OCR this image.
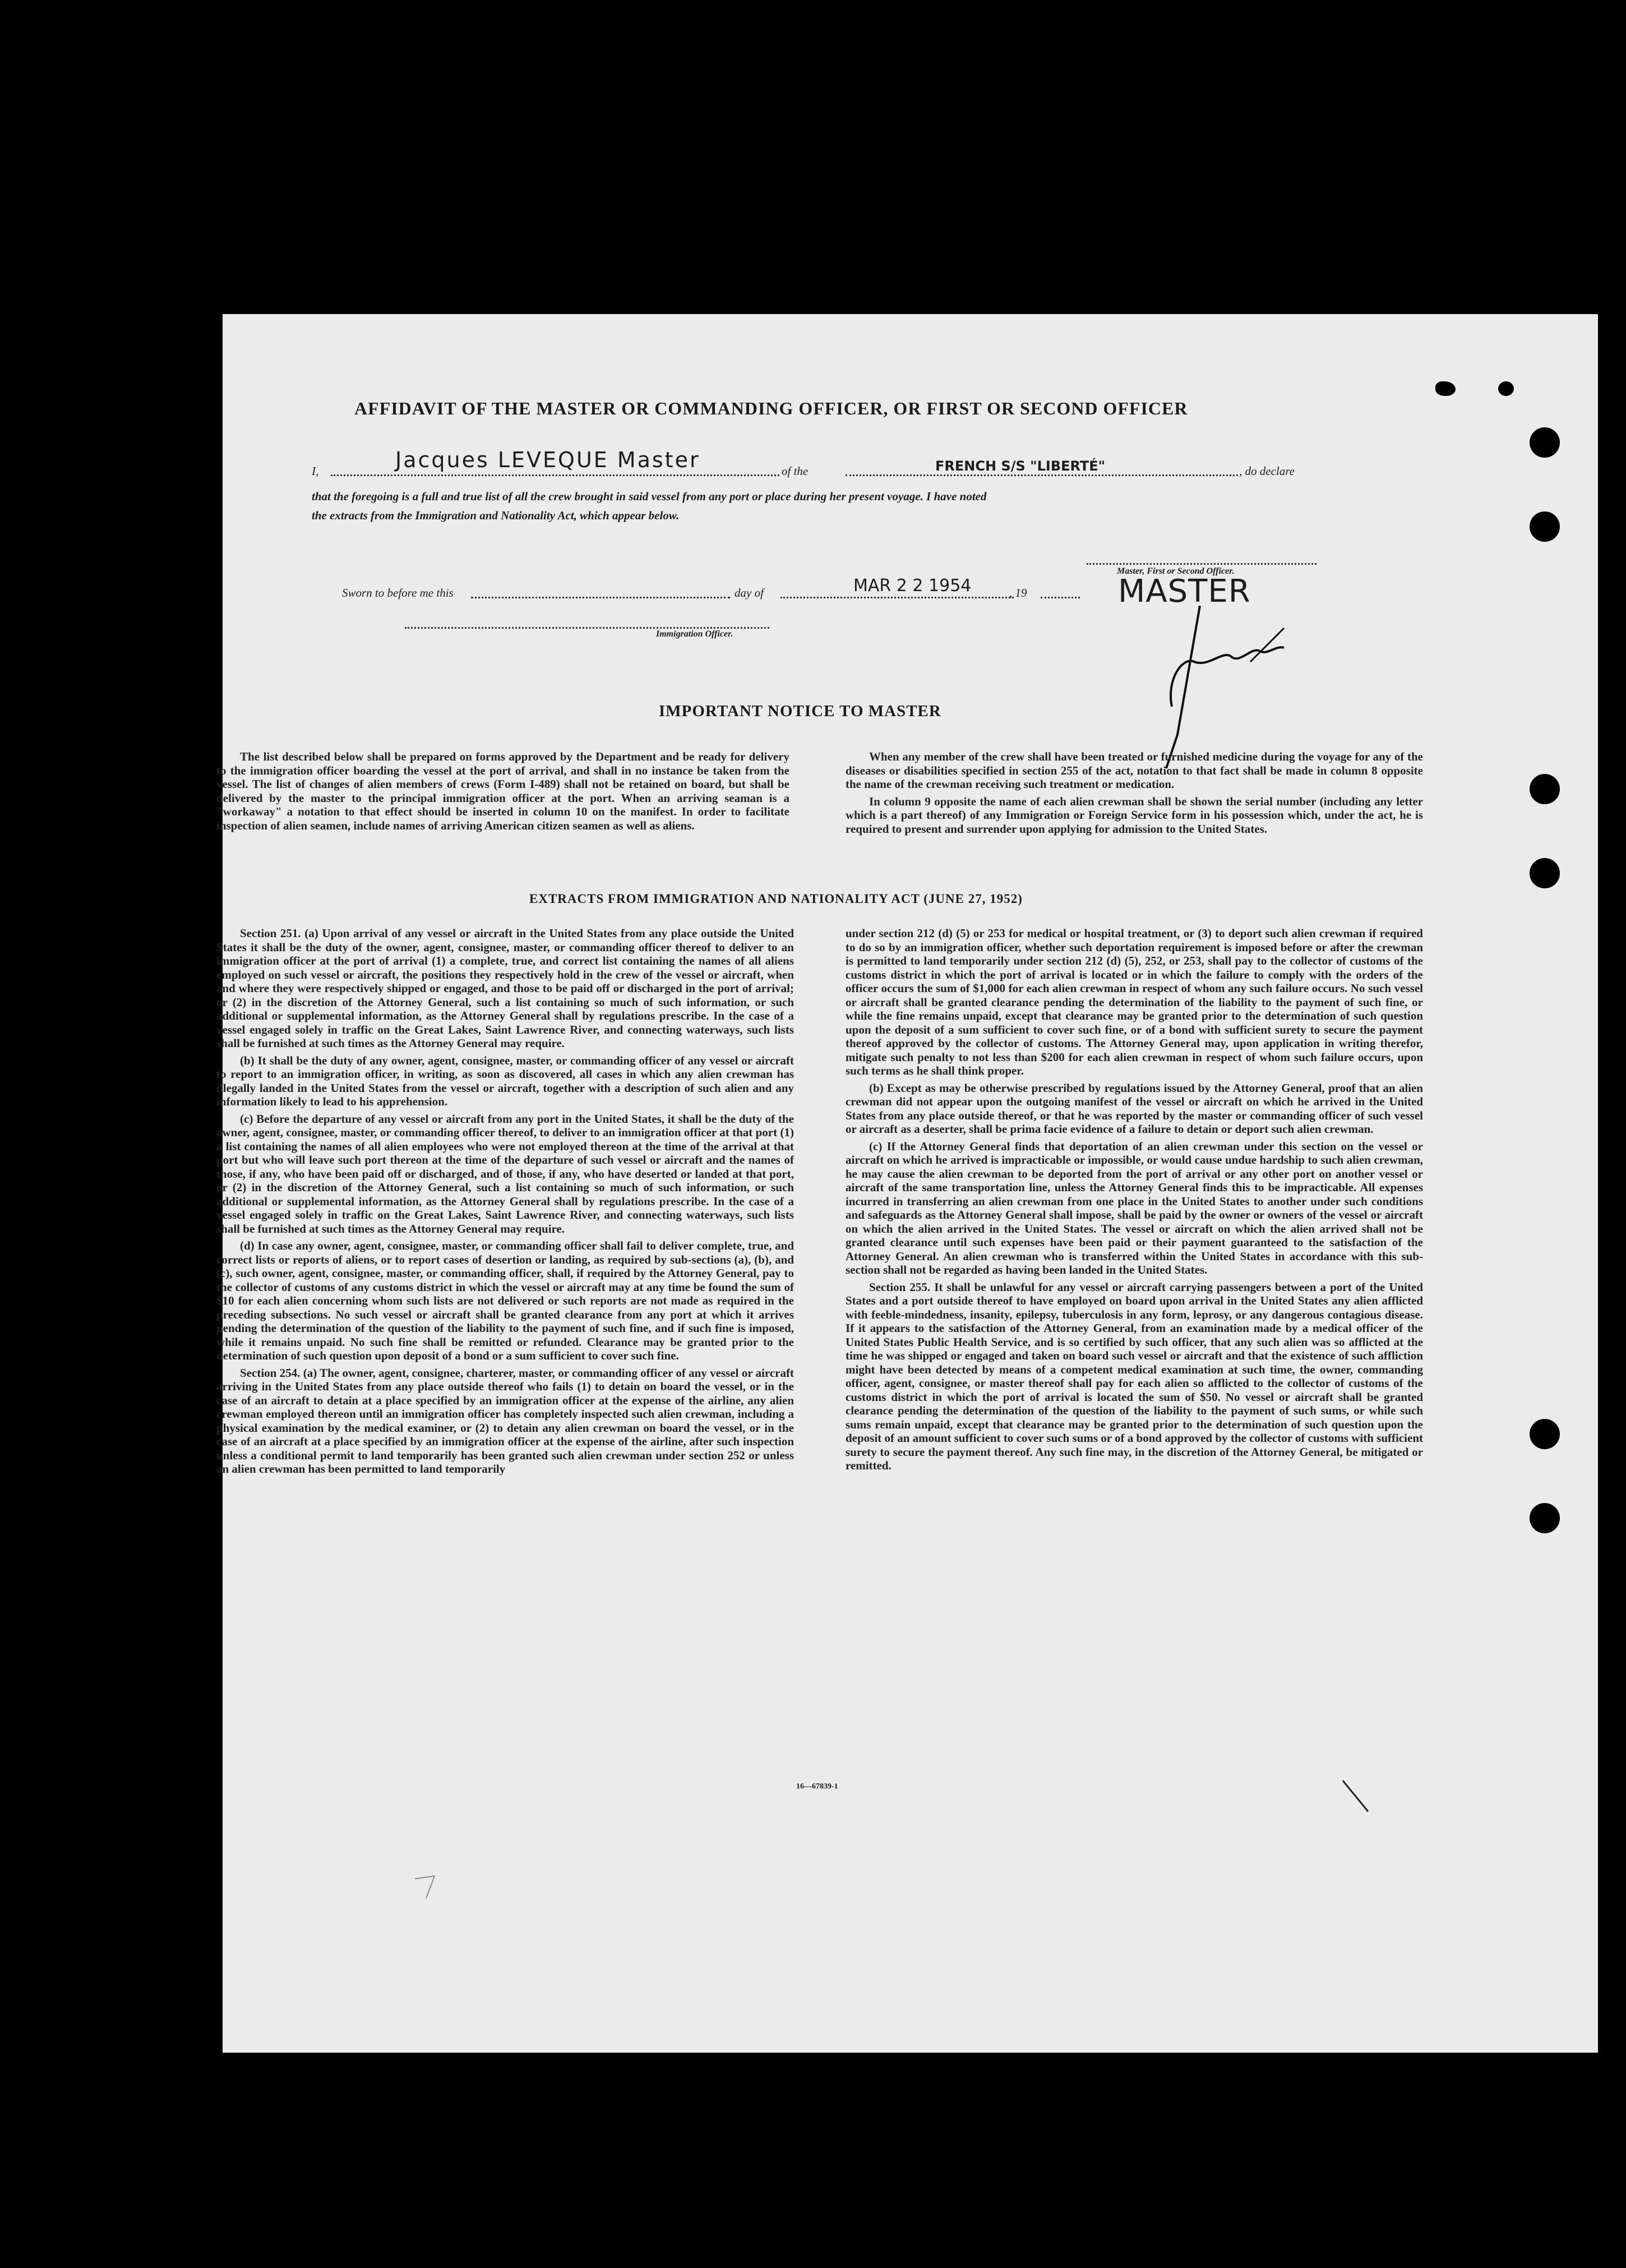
AFFIDAVIT OF THE MASTER OR COMMANDING OFFICER, OR FIRST OR SECOND OFFICER
I,	Jacques LEVEQUE Master	of the	FRENCH S/S "LIBERTÉ"	, do declare
that the foregoing is a full and true list of all the crew brought in said vessel from any port or place during her present voyage. I have noted
the extracts from the Immigration and Nationality Act, which appear below.
Master, First or Second Officer.
Sworn to before me this	day of	MAR 2 2 1954	, 19	MASTER
Immigration Officer.
IMPORTANT NOTICE TO MASTER

The list described below shall be prepared on forms approved by the Department and be ready for delivery to the immigration officer boarding the vessel at the port of arrival, and shall in no instance be taken from the vessel. The list of changes of alien members of crews (Form I-489) shall not be retained on board, but shall be delivered by the master to the principal immigration officer at the port. When an arriving seaman is a "workaway" a notation to that effect should be inserted in column 10 on the manifest. In order to facilitate inspection of alien seamen, include names of arriving American citizen seamen as well as aliens.

When any member of the crew shall have been treated or furnished medicine during the voyage for any of the diseases or disabilities specified in section 255 of the act, notation to that fact shall be made in column 8 opposite the name of the crewman receiving such treatment or medication.

In column 9 opposite the name of each alien crewman shall be shown the serial number (including any letter which is a part thereof) of any Immigration or Foreign Service form in his possession which, under the act, he is required to present and surrender upon applying for admission to the United States.

EXTRACTS FROM IMMIGRATION AND NATIONALITY ACT (JUNE 27, 1952)

Section 251. (a) Upon arrival of any vessel or aircraft in the United States from any place outside the United States it shall be the duty of the owner, agent, consignee, master, or commanding officer thereof to deliver to an immigration officer at the port of arrival (1) a complete, true, and correct list containing the names of all aliens employed on such vessel or aircraft, the positions they respectively hold in the crew of the vessel or aircraft, when and where they were respectively shipped or engaged, and those to be paid off or discharged in the port of arrival; or (2) in the discretion of the Attorney General, such a list containing so much of such information, or such additional or supplemental information, as the Attorney General shall by regulations prescribe. In the case of a vessel engaged solely in traffic on the Great Lakes, Saint Lawrence River, and connecting waterways, such lists shall be furnished at such times as the Attorney General may require.

(b) It shall be the duty of any owner, agent, consignee, master, or commanding officer of any vessel or aircraft to report to an immigration officer, in writing, as soon as discovered, all cases in which any alien crewman has illegally landed in the United States from the vessel or aircraft, together with a description of such alien and any information likely to lead to his apprehension.

(c) Before the departure of any vessel or aircraft from any port in the United States, it shall be the duty of the owner, agent, consignee, master, or commanding officer thereof, to deliver to an immigration officer at that port (1) a list containing the names of all alien employees who were not employed thereon at the time of the arrival at that port but who will leave such port thereon at the time of the departure of such vessel or aircraft and the names of those, if any, who have been paid off or discharged, and of those, if any, who have deserted or landed at that port, or (2) in the discretion of the Attorney General, such a list containing so much of such information, or such additional or supplemental information, as the Attorney General shall by regulations prescribe. In the case of a vessel engaged solely in traffic on the Great Lakes, Saint Lawrence River, and connecting waterways, such lists shall be furnished at such times as the Attorney General may require.

(d) In case any owner, agent, consignee, master, or commanding officer shall fail to deliver complete, true, and correct lists or reports of aliens, or to report cases of desertion or landing, as required by sub-sections (a), (b), and (c), such owner, agent, consignee, master, or commanding officer, shall, if required by the Attorney General, pay to the collector of customs of any customs district in which the vessel or aircraft may at any time be found the sum of $10 for each alien concerning whom such lists are not delivered or such reports are not made as required in the preceding subsections. No such vessel or aircraft shall be granted clearance from any port at which it arrives pending the determination of the question of the liability to the payment of such fine, and if such fine is imposed, while it remains unpaid. No such fine shall be remitted or refunded. Clearance may be granted prior to the determination of such question upon deposit of a bond or a sum sufficient to cover such fine.

Section 254. (a) The owner, agent, consignee, charterer, master, or commanding officer of any vessel or aircraft arriving in the United States from any place outside thereof who fails (1) to detain on board the vessel, or in the case of an aircraft to detain at a place specified by an immigration officer at the expense of the airline, any alien crewman employed thereon until an immigration officer has completely inspected such alien crewman, including a physical examination by the medical examiner, or (2) to detain any alien crewman on board the vessel, or in the case of an aircraft at a place specified by an immigration officer at the expense of the airline, after such inspection unless a conditional permit to land temporarily has been granted such alien crewman under section 252 or unless an alien crewman has been permitted to land temporarily

under section 212 (d) (5) or 253 for medical or hospital treatment, or (3) to deport such alien crewman if required to do so by an immigration officer, whether such deportation requirement is imposed before or after the crewman is permitted to land temporarily under section 212 (d) (5), 252, or 253, shall pay to the collector of customs of the customs district in which the port of arrival is located or in which the failure to comply with the orders of the officer occurs the sum of $1,000 for each alien crewman in respect of whom any such failure occurs. No such vessel or aircraft shall be granted clearance pending the determination of the liability to the payment of such fine, or while the fine remains unpaid, except that clearance may be granted prior to the determination of such question upon the deposit of a sum sufficient to cover such fine, or of a bond with sufficient surety to secure the payment thereof approved by the collector of customs. The Attorney General may, upon application in writing therefor, mitigate such penalty to not less than $200 for each alien crewman in respect of whom such failure occurs, upon such terms as he shall think proper.

(b) Except as may be otherwise prescribed by regulations issued by the Attorney General, proof that an alien crewman did not appear upon the outgoing manifest of the vessel or aircraft on which he arrived in the United States from any place outside thereof, or that he was reported by the master or commanding officer of such vessel or aircraft as a deserter, shall be prima facie evidence of a failure to detain or deport such alien crewman.

(c) If the Attorney General finds that deportation of an alien crewman under this section on the vessel or aircraft on which he arrived is impracticable or impossible, or would cause undue hardship to such alien crewman, he may cause the alien crewman to be deported from the port of arrival or any other port on another vessel or aircraft of the same transportation line, unless the Attorney General finds this to be impracticable. All expenses incurred in transferring an alien crewman from one place in the United States to another under such conditions and safeguards as the Attorney General shall impose, shall be paid by the owner or owners of the vessel or aircraft on which the alien arrived in the United States. The vessel or aircraft on which the alien arrived shall not be granted clearance until such expenses have been paid or their payment guaranteed to the satisfaction of the Attorney General. An alien crewman who is transferred within the United States in accordance with this sub-section shall not be regarded as having been landed in the United States.

Section 255. It shall be unlawful for any vessel or aircraft carrying passengers between a port of the United States and a port outside thereof to have employed on board upon arrival in the United States any alien afflicted with feeble-mindedness, insanity, epilepsy, tuberculosis in any form, leprosy, or any dangerous contagious disease. If it appears to the satisfaction of the Attorney General, from an examination made by a medical officer of the United States Public Health Service, and is so certified by such officer, that any such alien was so afflicted at the time he was shipped or engaged and taken on board such vessel or aircraft and that the existence of such affliction might have been detected by means of a competent medical examination at such time, the owner, commanding officer, agent, consignee, or master thereof shall pay for each alien so afflicted to the collector of customs of the customs district in which the port of arrival is located the sum of $50. No vessel or aircraft shall be granted clearance pending the determination of the question of the liability to the payment of such sums, or while such sums remain unpaid, except that clearance may be granted prior to the determination of such question upon the deposit of an amount sufficient to cover such sums or of a bond approved by the collector of customs with sufficient surety to secure the payment thereof. Any such fine may, in the discretion of the Attorney General, be mitigated or remitted.

16—67839-1
